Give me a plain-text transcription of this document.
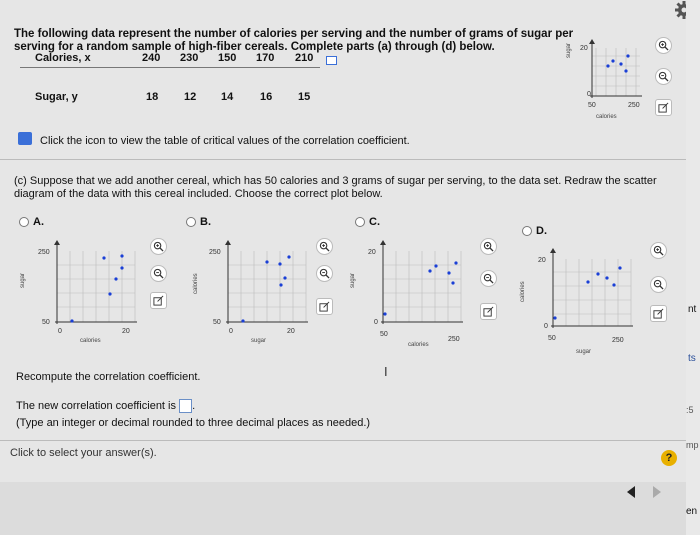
The following data represent the number of calories per serving and the number of grams of sugar per serving for a random sample of high-fiber cereals. Complete parts (a) through (d) below.
Calories, x	240 230 150 170 210
Sugar, y	18 12 14 16 15
sugar 20
0
50	250
calories
Click the icon to view the table of critical values of the correlation coefficient.
(c) Suppose that we add another cereal, which has 50 calories and 3 grams of sugar per serving, to the data set. Redraw the scatter diagram of the data with this cereal included. Choose the correct plot below.
A.	B.	C.
D.
sugar
250
50
0	20
calories
calories
250
50
0	20
sugar
sugar
20
0
50
250
calories
calories
20
0
50	250
sugar
Recompute the correlation coefficient.	I
The new correlation coefficient is .
(Type an integer or decimal rounded to three decimal places as needed.)
Click to select your answer(s).	?
nt
ts
:5
mp
en
